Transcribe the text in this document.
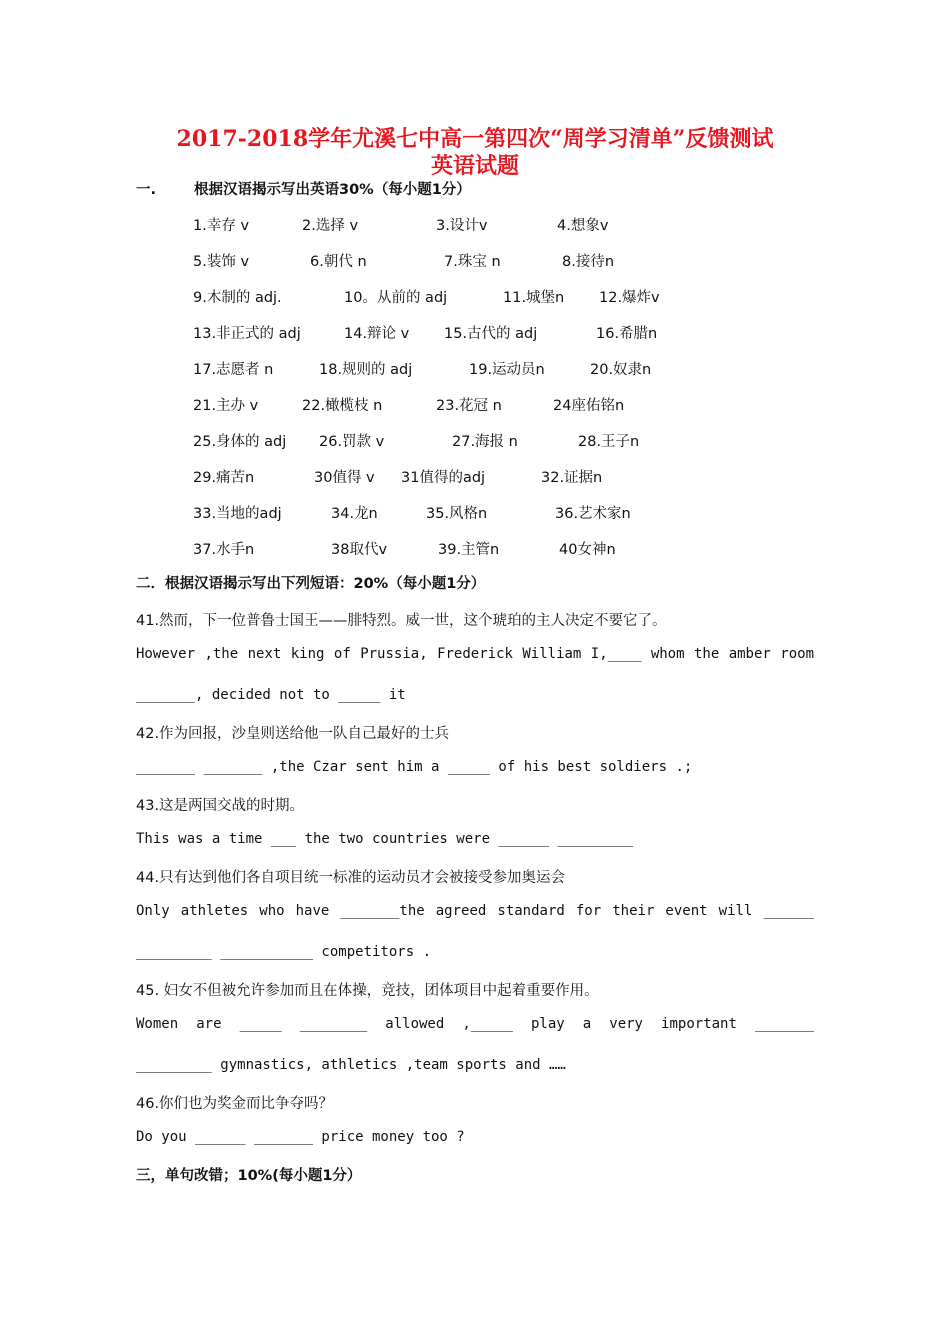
2017-2018学年尤溪七中高一第四次“周学习清单”反馈测试
英语试题
一.	根据汉语揭示写出英语30%（每小题1分）
1.幸存 v	2.选择 v	3.设计v	4.想象v
5.装饰 v	6.朝代 n	7.珠宝 n	8.接待n
9.木制的 adj.	10。从前的 adj	11.城堡n 12.爆炸v
13.非正式的 adj	14.辩论 v 15.古代的 adj	16.希腊n
17.志愿者 n	18.规则的 adj	19.运动员n	20.奴隶n
21.主办 v	22.橄榄枝 n	23.花冠 n	24座佑铭n
25.身体的 adj 26.罚款 v	27.海报 n	28.王子n
29.痛苦n	30值得 v 31值得的adj	32.证据n
33.当地的adj	34.龙n	35.风格n	36.艺术家n
37.水手n	38取代v	39.主管n	40女神n
二．根据汉语揭示写出下列短语：20%（每小题1分）
41.然而，下一位普鲁士国王——腓特烈。威一世，这个琥珀的主人决定不要它了。
However ,the next king of Prussia, Frederick William I,____ whom the amber room
_______, decided not to _____ it
42.作为回报，沙皇则送给他一队自己最好的士兵
_______ _______ ,the Czar sent him a _____ of his best soldiers .;
43.这是两国交战的时期。
This was a time ___ the two countries were ______ _________
44.只有达到他们各自项目统一标准的运动员才会被接受参加奥运会
Only athletes who have _______the agreed standard for their event will ______
_________ ___________ competitors .
45. 妇女不但被允许参加而且在体操，竞技，团体项目中起着重要作用。
Women are _____ ________ allowed ,_____ play a very important _______
_________ gymnastics, athletics ,team sports and ……
46.你们也为奖金而比争夺吗？
Do you ______ _______ price money too ?
三，单句改错；10%(每小题1分）
